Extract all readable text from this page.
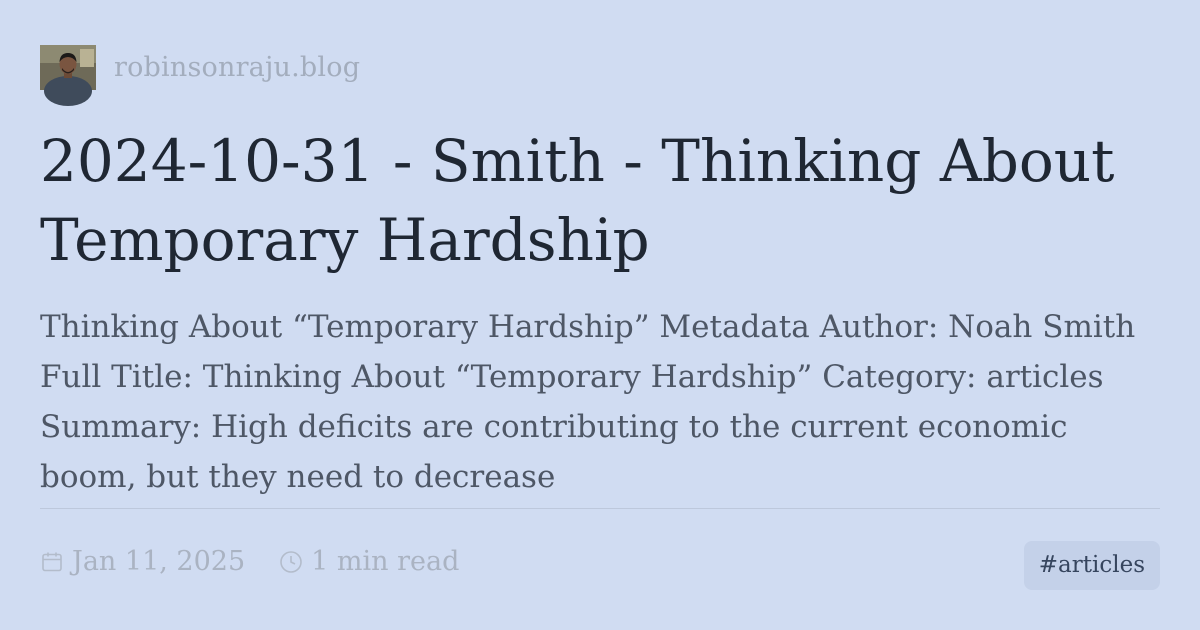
robinsonraju.blog
2024-10-31 - Smith - Thinking About Temporary Hardship

Thinking About “Temporary Hardship” Metadata Author: Noah Smith Full Title: Thinking About “Temporary Hardship” Category: articles Summary: High deficits are contributing to the current economic boom, but they need to decrease

Jan 11, 2025 1 min read	#articles
